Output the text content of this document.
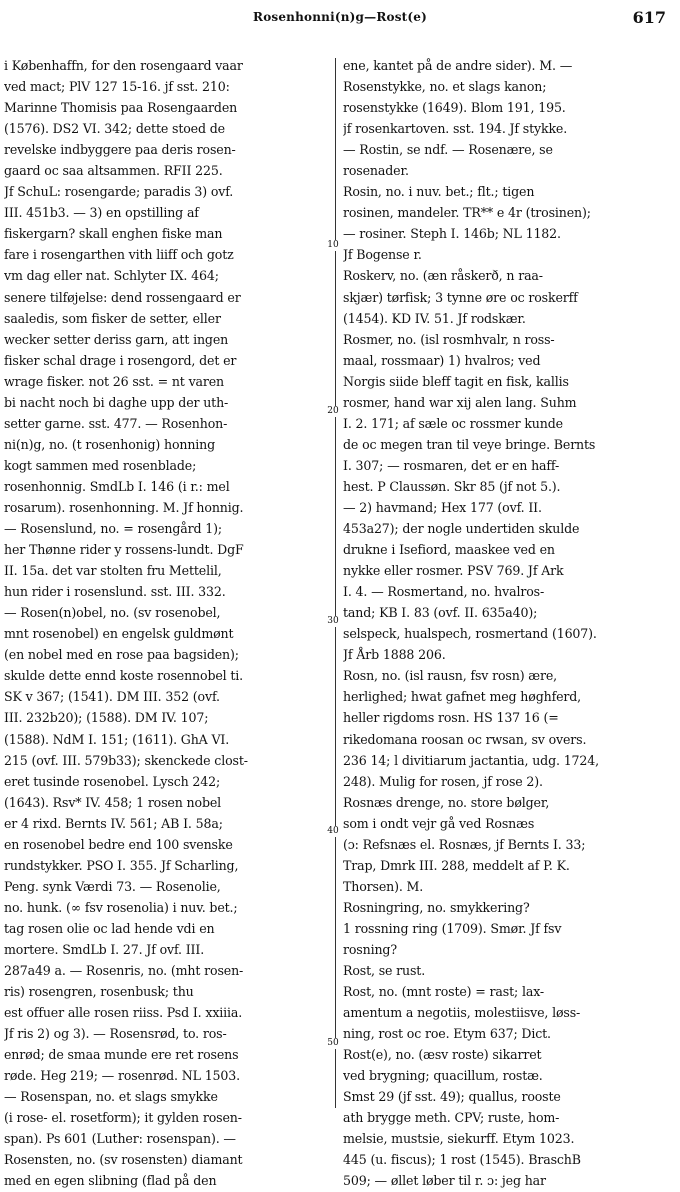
Rosenhonni(n)g—Rost(e)	617
i Københaffn, for den rosengaard vaar
ved mact; PlV 127 15-16. jf sst. 210:
Marinne Thomisis paa Rosengaarden
(1576). DS2 VI. 342; dette stoed de
revelske indbyggere paa deris rosen-
gaard oc saa altsammen. RFII 225.
Jf SchuL: rosengarde; paradis 3) ovf.
III. 451b3. — 3) en opstilling af
fiskergarn? skall enghen fiske man
fare i rosengarthen vith liiff och gotz
vm dag eller nat. Schlyter IX. 464;
senere tilføjelse: dend rossengaard er
saaledis, som fisker de setter, eller
wecker setter deriss garn, att ingen
fisker schal drage i rosengord, det er
wrage fisker. not 26 sst. = nt varen
bi nacht noch bi daghe upp der uth-
setter garne. sst. 477. — Rosenhon-
ni(n)g, no. (t rosenhonig) honning
kogt sammen med rosenblade;
rosenhonnig. SmdLb I. 146 (i r.: mel
rosarum). rosenhonning. M. Jf honnig.
— Rosenslund, no. = rosengård 1);
her Thønne rider y rossens-lundt. DgF
II. 15a. det var stolten fru Mettelil,
hun rider i rosenslund. sst. III. 332.
— Rosen(n)obel, no. (sv rosenobel,
mnt rosenobel) en engelsk guldmønt
(en nobel med en rose paa bagsiden);
skulde dette ennd koste rosennobel ti.
SK v 367; (1541). DM III. 352 (ovf.
III. 232b20); (1588). DM IV. 107;
(1588). NdM I. 151; (1611). GhA VI.
215 (ovf. III. 579b33); skenckede clost-
eret tusinde rosenobel. Lysch 242;
(1643). Rsv* IV. 458; 1 rosen nobel
er 4 rixd. Bernts IV. 561; AB I. 58a;
en rosenobel bedre end 100 svenske
rundstykker. PSO I. 355. Jf Scharling,
Peng. synk Værdi 73. — Rosenolie,
no. hunk. (∞ fsv rosenolia) i nuv. bet.;
tag rosen olie oc lad hende vdi en
mortere. SmdLb I. 27. Jf ovf. III.
287a49 a. — Rosenris, no. (mht rosen-
ris) rosengren, rosenbusk; thu
est offuer alle rosen riiss. Psd I. xxiiia.
Jf ris 2) og 3). — Rosensrød, to. ros-
enrød; de smaa munde ere ret rosens
røde. Heg 219; — rosenrød. NL 1503.
— Rosenspan, no. et slags smykke
(i rose- el. rosetform); it gylden rosen-
span). Ps 601 (Luther: rosenspan). —
Rosensten, no. (sv rosensten) diamant
med en egen slibning (flad på den
ene, kantet på de andre sider). M. —
Rosenstykke, no. et slags kanon;
rosenstykke (1649). Blom 191, 195.
jf rosenkartoven. sst. 194. Jf stykke.
— Rostin, se ndf. — Rosenære, se
rosenader.
Rosin, no. i nuv. bet.; flt.; tigen
rosinen, mandeler. TR** e 4r (trosinen);
— rosiner. Steph I. 146b; NL 1182.
Jf Bogense r.
Roskerv, no. (æn råskerð, n raa-
skjær) tørfisk; 3 tynne øre oc roskerff
(1454). KD IV. 51. Jf rodskær.
Rosmer, no. (isl rosmhvalr, n ross-
maal, rossmaar) 1) hvalros; ved
Norgis siide bleff tagit en fisk, kallis
rosmer, hand war xij alen lang. Suhm
I. 2. 171; af sæle oc rossmer kunde
de oc megen tran til veye bringe. Bernts
I. 307; — rosmaren, det er en haff-
hest. P Claussøn. Skr 85 (jf not 5.).
— 2) havmand; Hex 177 (ovf. II.
453a27); der nogle undertiden skulde
drukne i Isefiord, maaskee ved en
nykke eller rosmer. PSV 769. Jf Ark
I. 4. — Rosmertand, no. hvalros-
tand; KB I. 83 (ovf. II. 635a40);
selspeck, hualspech, rosmertand (1607).
Jf Årb 1888 206.
Rosn, no. (isl rausn, fsv rosn) ære,
herlighed; hwat gafnet meg høghferd,
heller rigdoms rosn. HS 137 16 (=
rikedomana roosan oc rwsan, sv overs.
236 14; l divitiarum jactantia, udg. 1724,
248). Mulig for rosen, jf rose 2).
Rosnæs drenge, no. store bølger,
som i ondt vejr gå ved Rosnæs
(ɔ: Refsnæs el. Rosnæs, jf Bernts I. 33;
Trap, Dmrk III. 288, meddelt af P. K.
Thorsen). M.
Rosningring, no. smykkering?
1 rossning ring (1709). Smør. Jf fsv
rosning?
Rost, se rust.
Rost, no. (mnt roste) = rast; lax-
amentum a negotiis, molestiisve, løss-
ning, rost oc roe. Etym 637; Dict.
Rost(e), no. (æsv roste) sikarret
ved brygning; quacillum, rostæ.
Smst 29 (jf sst. 49); quallus, rooste
ath brygge meth. CPV; ruste, hom-
melsie, mustsie, siekurff. Etym 1023.
445 (u. fiscus); 1 rost (1545). BraschB
509; — øllet løber til r. ɔ: jeg har
10
20
30
40
50
